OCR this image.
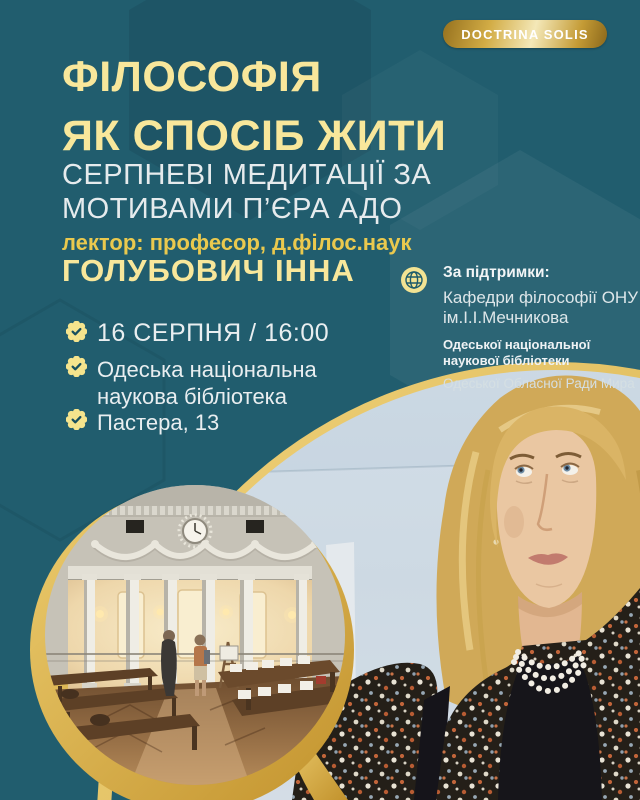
DOCTRINA SOLIS
ФІЛОСОФІЯ
ЯК СПОСІБ ЖИТИ
СЕРПНЕВІ МЕДИТАЦІЇ ЗА
МОТИВАМИ П’ЄРА АДО
лектор: професор, д.філос.наук
ГОЛУБОВИЧ ІННА
16 СЕРПНЯ / 16:00
Одеська національна
наукова бібліотека
Пастера, 13
За підтримки:
Кафедри філософії ОНУ
ім.І.І.Мечникова
Одеської національної
наукової бібліотеки
Одеської Обласної Ради Мира
